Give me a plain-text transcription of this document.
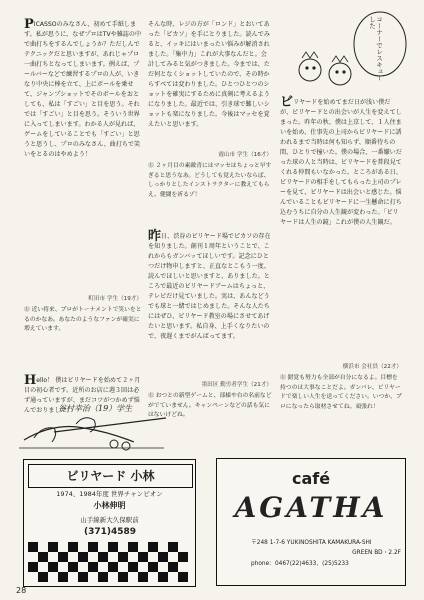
PICASSOのみなさん、初めて手紙します。私が思うに、なぜプロはTVや雑誌の中で曲打ちをするんでしょうか？ただしんでテクニックだと思いますが、あれじゃプロ一曲打ちとなってしまいます。例えば、プールバーなどで練習するプロの人が、いきなり中央に棒を立て、上にボールを乗せて、ジャンプショットでそのボールをおとしても、私は「すごい」と目を思う。それでは「すごい」と目を思う。そういう世界に入ってしまいます。わかる人が見れば、ゲームをしていることでも「すごい」と思うと思うし、プロのみなさん、曲打ちで笑いをとるのはやめよう！

町田市 学生（19才）
㊨ 近い将来、プロがトーナメントで笑いをとるのかなあ。あなたのようなファンが確実に増えています。

Hello！ 僕はビリヤードを始めて２ヶ月目の初心者です。近所のお店に週３回は必ず通っていますが、まだコツがつかめず悩んでおりました。

谷村幸治（19）学生

そんな時、レジの方が「ロンド」とおいてあった「ピカソ」を手にとりました。読んでみると、イッキにはいまったい悩みが解消されました。「集中力」これが大事なんだと。会計してみると気がつきました。今までは、ただ何となくショットしていたので、その時からすべては変わりました。ひとつひとつのショットを確実にするために真剣に考えるようになりました。最近では、引き球で難しいショットも楽になりました。今後はマッセを覚えたいと思います。

霞山市 学生（16才）
㊨ ２ヶ月目の素敵青にはマッセはちょっと早すぎると思うなあ。どうしても覚えたいならば、しっかりとしたインストラクターに教えてもらえ。健闘を祈るゾ！

昨日、渋谷のビリヤード場でピカソの存在を知りました。創刊１周年ということで、これからもガンバッてほしいです。記念にひとつだけ物申しますと、正直なとこもう一度、読んでほしいと思いますと、ありました。ところで最近のビリヤードブームはちょっと、テレビだけ見ていました。実は、あんなどうでも球と一緒ではじめました。そんな人たちにはぜひ、ビリヤード教室の場にさせてあげたいと思います。私自身、上手くなりたいので、夜遅くまでがんばってます。

墨田区 勤労者学生（21才）
㊨ おつとの新型ゲームと、部様や台の名前などがでていません。キャンペーンなどの話も気にはないけどね。
コーナーでレスキューした

ビリヤードを始めてまだ日が浅い僕だが、ビリヤードとの出会いが人生を変えてしまった。昨年の秋、僕は上京して、１人住まいを始め、仕事先の上司からビリヤードに誘われるまで当時は何も知らず、順番待ちの間、ひとりで撞いた。僕の場合、一番嫌いだった球の人と当時は、ビリヤードを普段見てくれる仲間もいなかった。ところがある日、ビリヤードの相手をしてもらった上司のプレーを見て、ビリヤードは出会いと感じた。悩んでいることもビリヤードに一生懸命に打ち込むうちに自分の人生観が変わった。「ビリヤードは人生の鏡」これが僕の人生観だ。

横浜市 会社員（22才）
㊨ 錯覚も努力も全部が自分になるよ。目標を持つのは大事なことだよ。ガンバレ、ビリヤードで楽しい人生を送ってください。いつか、プロになったら取材させてね。頑張れ！
ビリヤード 小林
1974、1984年度 世界チャンピオン
小林伸明
山手線新大久保駅前
(371)4589
café
AGATHA
〒248 1-7-6 YUKINOSHITA KAMAKURA-SHI
GREEN BD・2.2F
phone：0467(22)4633，(25)5233
28
